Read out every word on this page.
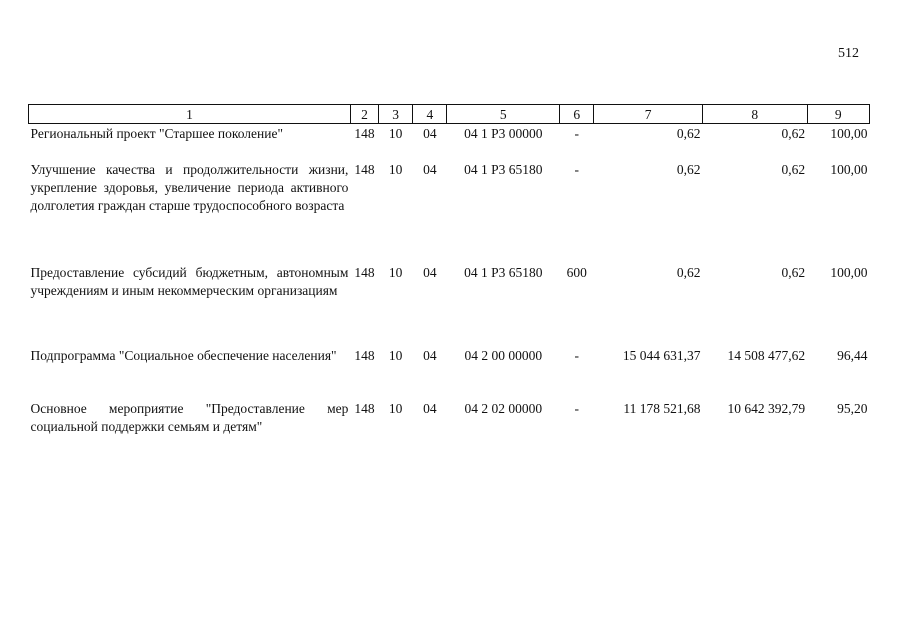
512
1	2	3	4	5	6	7	8	9
Региональный проект "Старшее поколение"	148	10	04	04 1 P3 00000	-	0,62	0,62	100,00
Улучшение качества и продолжительности жизни, укрепление здоровья, увеличение периода активного долголетия граждан старше трудоспособного возраста	148	10	04	04 1 P3 65180	-	0,62	0,62	100,00
Предоставление субсидий бюджетным, автономным учреждениям и иным некоммерческим организациям	148	10	04	04 1 P3 65180	600	0,62	0,62	100,00
Подпрограмма "Социальное обеспечение населения"	148	10	04	04 2 00 00000	-	15 044 631,37	14 508 477,62	96,44
Основное мероприятие "Предоставление мер социальной поддержки семьям и детям"	148	10	04	04 2 02 00000	-	11 178 521,68	10 642 392,79	95,20
